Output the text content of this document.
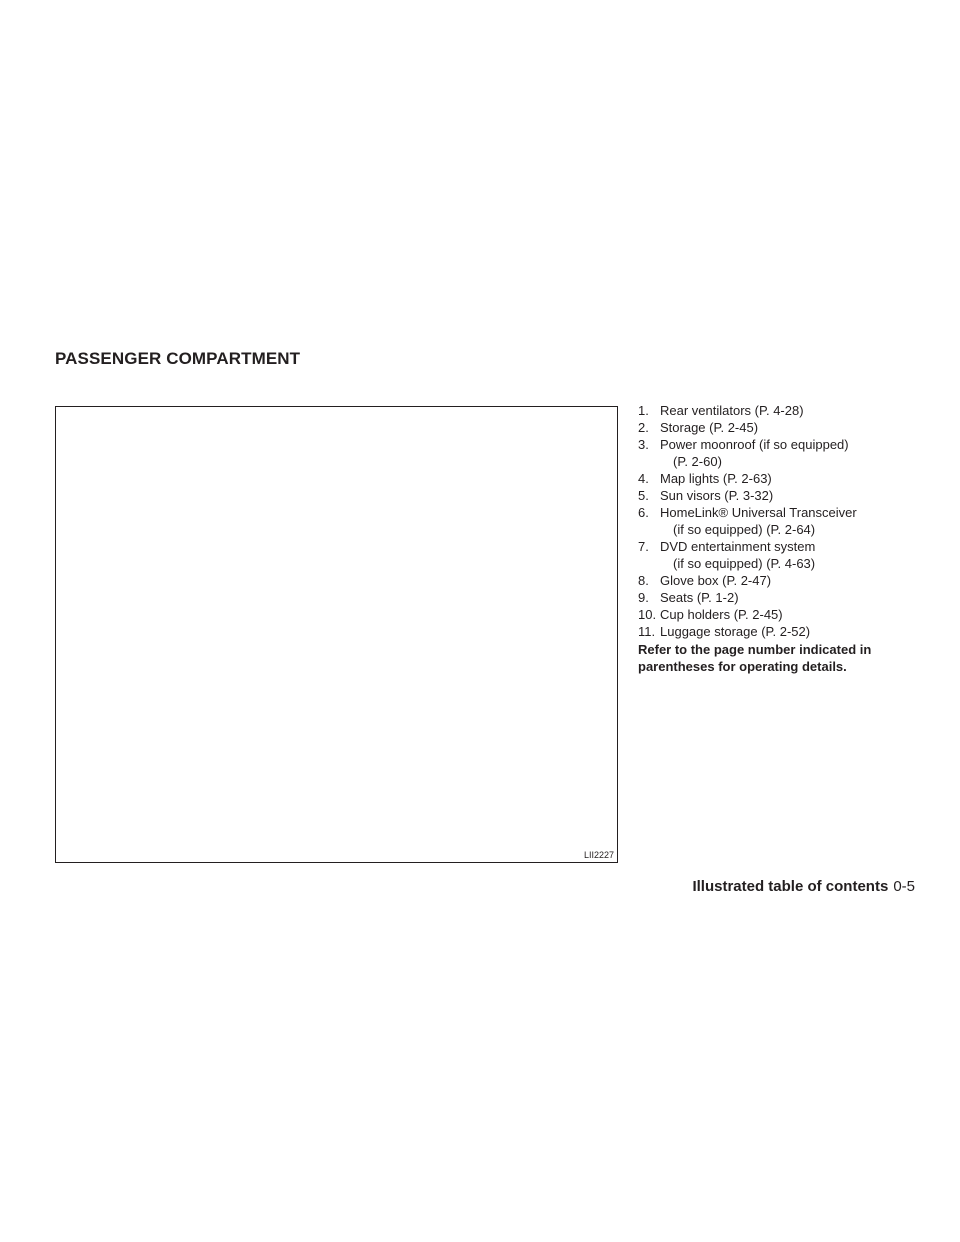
PASSENGER COMPARTMENT
LII2227
1. Rear ventilators (P. 4-28)
2. Storage (P. 2-45)
3. Power moonroof (if so equipped)
(P. 2-60)
4. Map lights (P. 2-63)
5. Sun visors (P. 3-32)
6. HomeLink® Universal Transceiver
(if so equipped) (P. 2-64)
7. DVD entertainment system
(if so equipped) (P. 4-63)
8. Glove box (P. 2-47)
9. Seats (P. 1-2)
10. Cup holders (P. 2-45)
11. Luggage storage (P. 2-52)

Refer to the page number indicated in parentheses for operating details.

Illustrated table of contents 0-5
